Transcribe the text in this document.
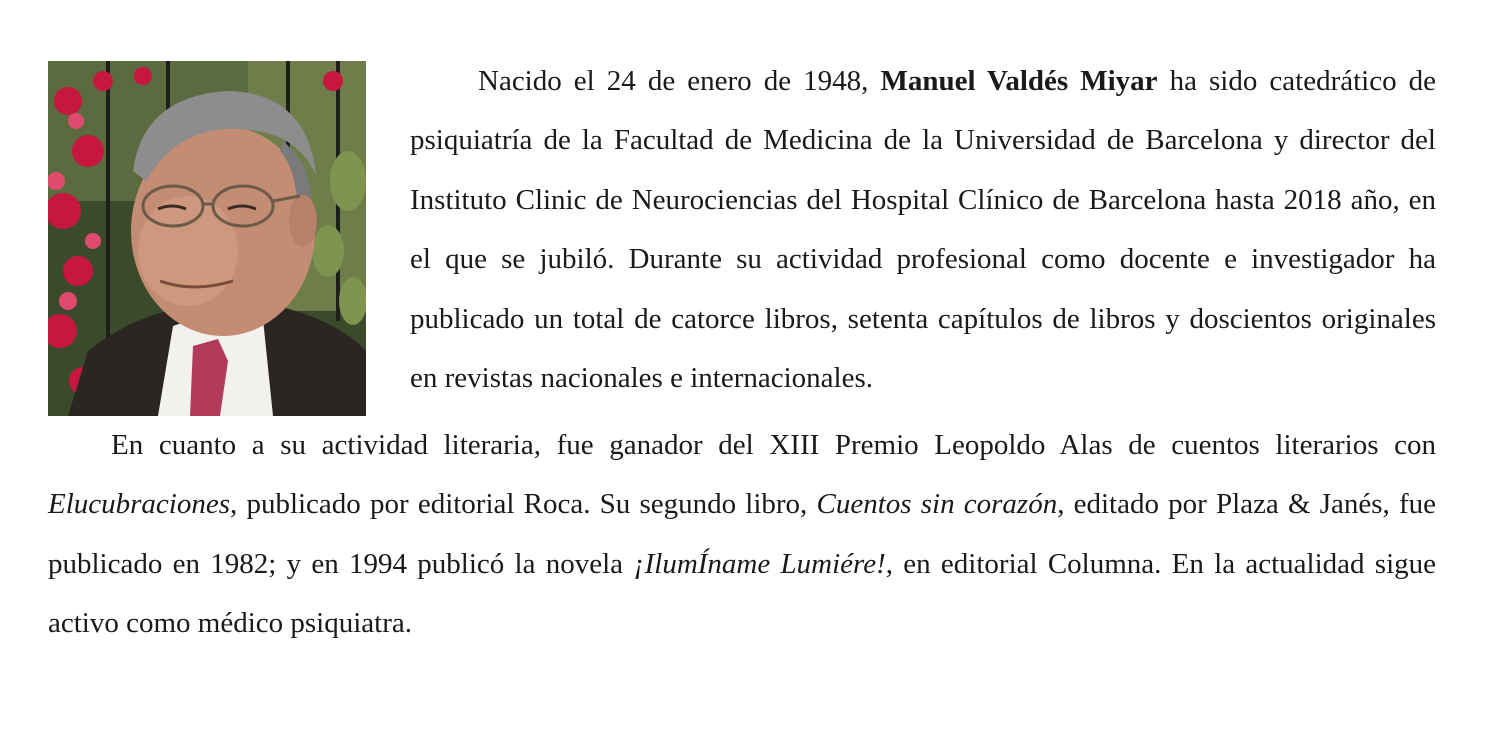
Nacido el 24 de enero de 1948, Manuel Valdés Miyar ha sido catedrático de psiquiatría de la Facultad de Medicina de la Universidad de Barcelona y director del Instituto Clinic de Neurociencias del Hospital Clínico de Barcelona hasta 2018 año, en el que se jubiló. Durante su actividad profesional como docente e investigador ha publicado un total de catorce libros, setenta capítulos de libros y doscientos originales en revistas nacionales e internacionales.

En cuanto a su actividad literaria, fue ganador del XIII Premio Leopoldo Alas de cuentos literarios con Elucubraciones, publicado por editorial Roca. Su segundo libro, Cuentos sin corazón, editado por Plaza & Janés, fue publicado en 1982; y en 1994 publicó la novela ¡IlumÍname Lumiére!, en editorial Columna. En la actualidad sigue activo como médico psiquiatra.
